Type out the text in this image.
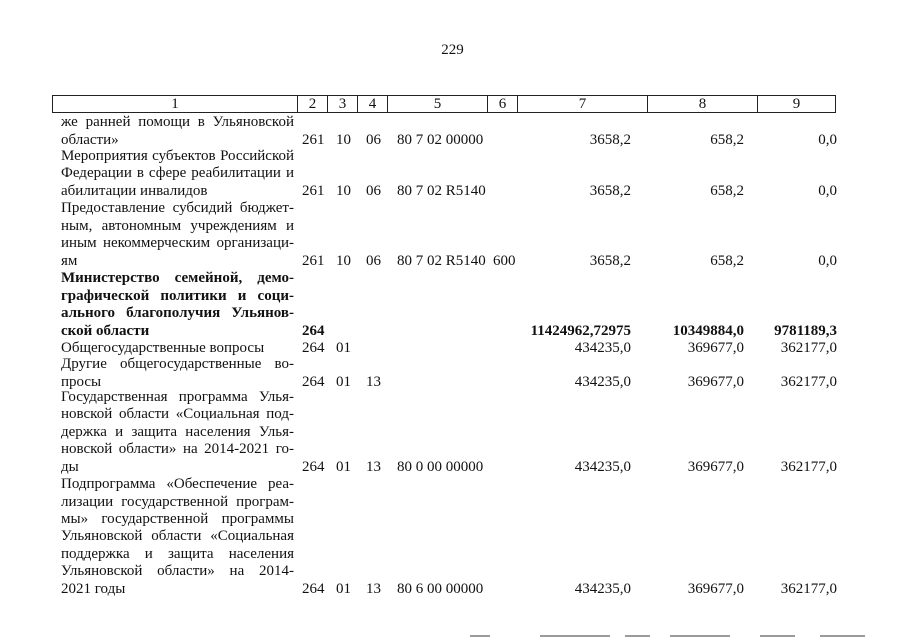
229
1	2	3	4	5	6	7	8	9
же ранней помощи в Ульяновской
области»	261 10 06 80 7 02 00000	3658,2	658,2	0,0
Мероприятия субъектов Российской
Федерации в сфере реабилитации и
абилитации инвалидов	261 10 06 80 7 02 R5140	3658,2	658,2	0,0
Предоставление субсидий бюджет-
ным, автономным учреждениям и
иным некоммерческим организаци-
ям	261 10 06 80 7 02 R5140 600	3658,2	658,2	0,0
Министерство семейной, демо-
графической политики и соци-
ального благополучия Ульянов-
ской области	264	11424962,72975	10349884,0 9781189,3
Общегосударственные вопросы	264 01	434235,0	369677,0 362177,0
Другие общегосударственные во-
просы	264 01 13	434235,0	369677,0 362177,0
Государственная программа Улья-
новской области «Социальная под-
держка и защита населения Улья-
новской области» на 2014-2021 го-
ды	264 01 13 80 0 00 00000	434235,0	369677,0 362177,0
Подпрограмма «Обеспечение реа-
лизации государственной програм-
мы» государственной программы
Ульяновской области «Социальная
поддержка и защита населения
Ульяновской области» на 2014-
2021 годы	264 01 13 80 6 00 00000	434235,0	369677,0 362177,0
